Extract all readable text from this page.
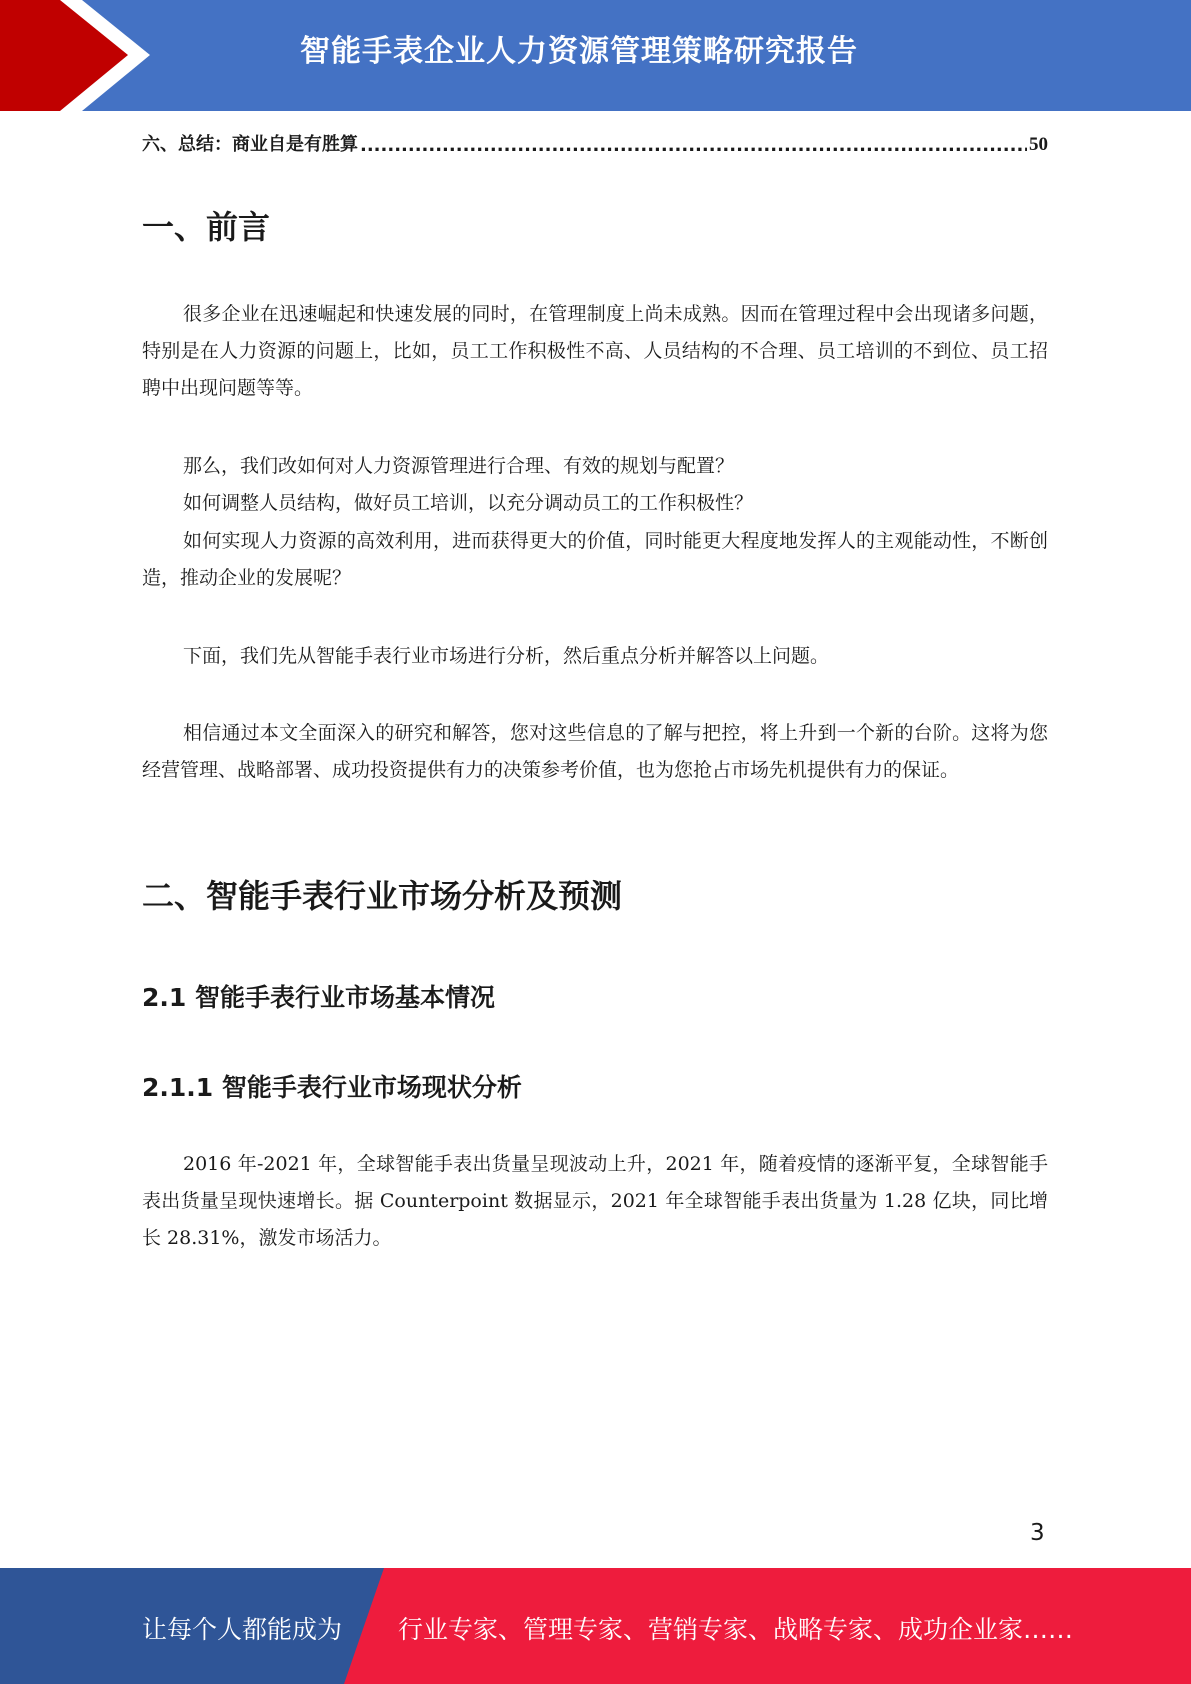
智能手表企业人力资源管理策略研究报告
六、总结：商业自是有胜算
.....	50
一、前言

很多企业在迅速崛起和快速发展的同时，在管理制度上尚未成熟。因而在管理过程中会出现诸多问题，特别是在人力资源的问题上，比如，员工工作积极性不高、人员结构的不合理、员工培训的不到位、员工招聘中出现问题等等。

那么，我们改如何对人力资源管理进行合理、有效的规划与配置？

如何调整人员结构，做好员工培训，以充分调动员工的工作积极性？

如何实现人力资源的高效利用，进而获得更大的价值，同时能更大程度地发挥人的主观能动性，不断创造，推动企业的发展呢？

下面，我们先从智能手表行业市场进行分析，然后重点分析并解答以上问题。

相信通过本文全面深入的研究和解答，您对这些信息的了解与把控，将上升到一个新的台阶。这将为您经营管理、战略部署、成功投资提供有力的决策参考价值，也为您抢占市场先机提供有力的保证。

二、智能手表行业市场分析及预测
2.1 智能手表行业市场基本情况
2.1.1 智能手表行业市场现状分析

2016 年-2021 年，全球智能手表出货量呈现波动上升，2021 年，随着疫情的逐渐平复，全球智能手表出货量呈现快速增长。据 Counterpoint 数据显示，2021 年全球智能手表出货量为 1.28 亿块，同比增长 28.31%，激发市场活力。

3
让每个人都能成为 行业专家、管理专家、营销专家、战略专家、成功企业家……
